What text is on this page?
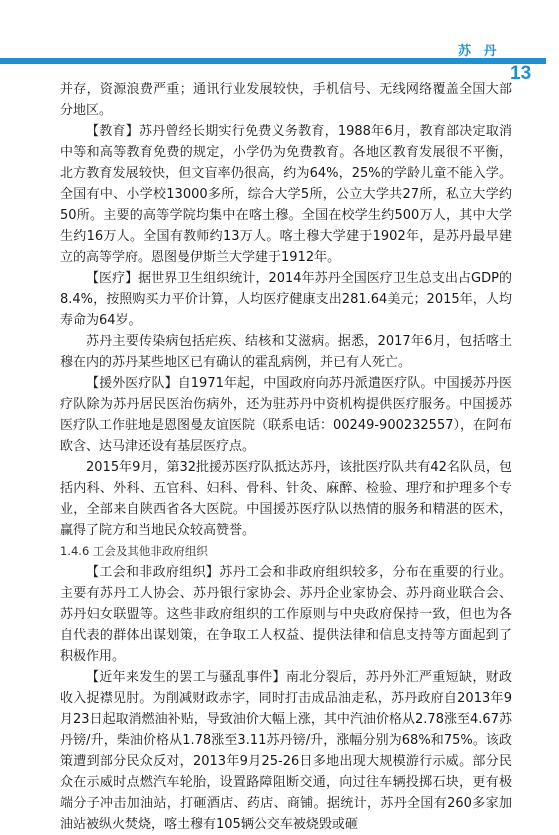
苏 丹
13

并存，资源浪费严重；通讯行业发展较快，手机信号、无线网络覆盖全国大部分地区。

【教育】苏丹曾经长期实行免费义务教育，1988年6月，教育部决定取消中等和高等教育免费的规定，小学仍为免费教育。各地区教育发展很不平衡，北方教育发展较快，但文盲率仍很高，约为64%，25%的学龄儿童不能入学。全国有中、小学校13000多所，综合大学5所，公立大学共27所，私立大学约50所。主要的高等学院均集中在喀土穆。全国在校学生约500万人，其中大学生约16万人。全国有教师约13万人。喀土穆大学建于1902年，是苏丹最早建立的高等学府。恩图曼伊斯兰大学建于1912年。

【医疗】据世界卫生组织统计，2014年苏丹全国医疗卫生总支出占GDP的8.4%，按照购买力平价计算，人均医疗健康支出281.64美元；2015年，人均寿命为64岁。

苏丹主要传染病包括疟疾、结核和艾滋病。据悉，2017年6月，包括喀土穆在内的苏丹某些地区已有确认的霍乱病例，并已有人死亡。

【援外医疗队】自1971年起，中国政府向苏丹派遣医疗队。中国援苏丹医疗队除为苏丹居民医治伤病外，还为驻苏丹中资机构提供医疗服务。中国援苏医疗队工作驻地是恩图曼友谊医院（联系电话：00249-900232557），在阿布欧含、达马津还设有基层医疗点。

2015年9月，第32批援苏医疗队抵达苏丹，该批医疗队共有42名队员，包括内科、外科、五官科、妇科、骨科、针灸、麻醉、检验、理疗和护理多个专业，全部来自陕西省各大医院。中国援苏医疗队以热情的服务和精湛的医术，赢得了院方和当地民众较高赞誉。

1.4.6 工会及其他非政府组织

【工会和非政府组织】苏丹工会和非政府组织较多，分布在重要的行业。主要有苏丹工人协会、苏丹银行家协会、苏丹企业家协会、苏丹商业联合会、苏丹妇女联盟等。这些非政府组织的工作原则与中央政府保持一致，但也为各自代表的群体出谋划策，在争取工人权益、提供法律和信息支持等方面起到了积极作用。

【近年来发生的罢工与骚乱事件】南北分裂后，苏丹外汇严重短缺，财政收入捉襟见肘。为削减财政赤字，同时打击成品油走私，苏丹政府自2013年9月23日起取消燃油补贴，导致油价大幅上涨，其中汽油价格从2.78涨至4.67苏丹镑/升，柴油价格从1.78涨至3.11苏丹镑/升，涨幅分别为68%和75%。该政策遭到部分民众反对，2013年9月25-26日多地出现大规模游行示威。部分民众在示威时点燃汽车轮胎，设置路障阻断交通，向过往车辆投掷石块，更有极端分子冲击加油站，打砸酒店、药店、商铺。据统计，苏丹全国有260多家加油站被纵火焚烧，喀土穆有105辆公交车被烧毁或砸
